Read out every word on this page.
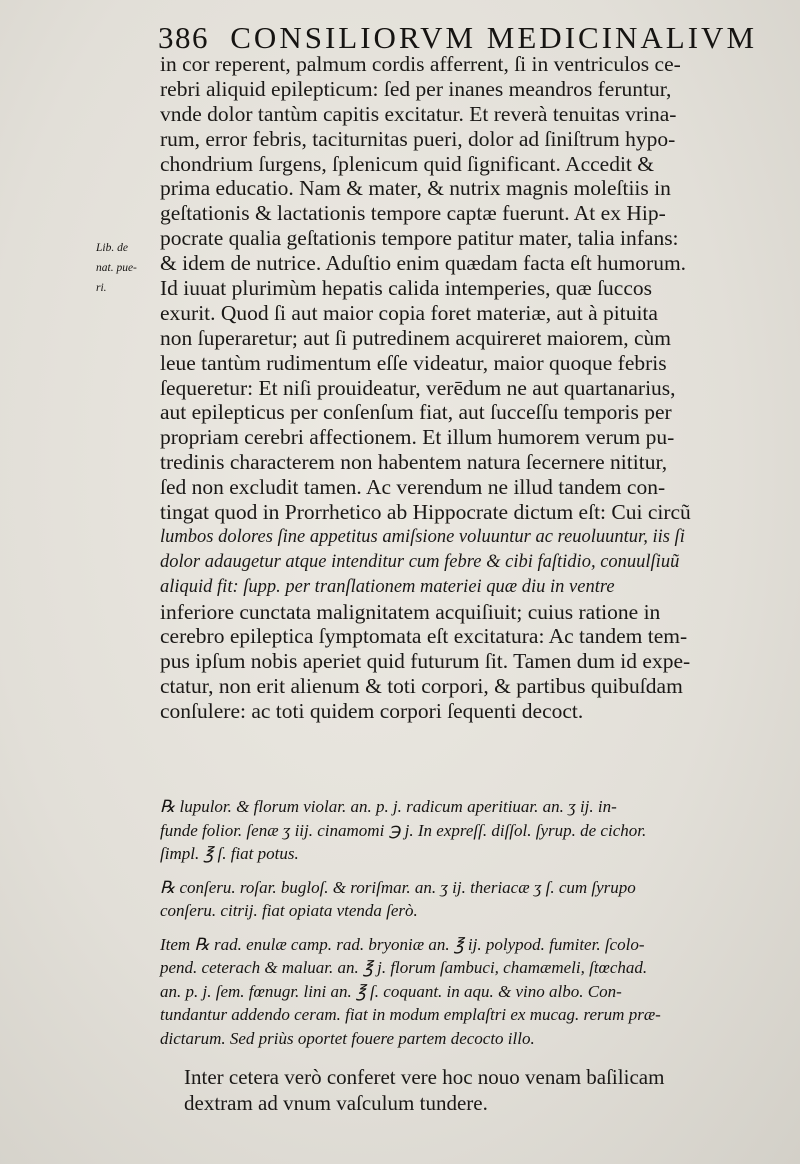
386 CONSILIORVM MEDICINALIVM
Lib. de
nat. pue-
ri.
in cor reperent, palmum cordis afferrent, ſi in ventriculos ce-
rebri aliquid epilepticum: ſed per inanes meandros feruntur,
vnde dolor tantùm capitis excitatur. Et reverà tenuitas vrina-
rum, error febris, taciturnitas pueri, dolor ad ſiniſtrum hypo-
chondrium ſurgens, ſplenicum quid ſignificant. Accedit &
prima educatio. Nam & mater, & nutrix magnis moleſtiis in
geſtationis & lactationis tempore captæ fuerunt. At ex Hip-
pocrate qualia geſtationis tempore patitur mater, talia infans:
& idem de nutrice. Aduſtio enim quædam facta eſt humorum.
Id iuuat plurimùm hepatis calida intemperies, quæ ſuccos
exurit. Quod ſi aut maior copia foret materiæ, aut à pituita
non ſuperaretur; aut ſi putredinem acquireret maiorem, cùm
leue tantùm rudimentum eſſe videatur, maior quoque febris
ſequeretur: Et niſi prouideatur, verēdum ne aut quartanarius,
aut epilepticus per conſenſum fiat, aut ſucceſſu temporis per
propriam cerebri affectionem. Et illum humorem verum pu-
tredinis characterem non habentem natura ſecernere nititur,
ſed non excludit tamen. Ac verendum ne illud tandem con-
tingat quod in Prorrhetico ab Hippocrate dictum eſt: Cui circũ
lumbos dolores ſine appetitus amiſsione voluuntur ac reuoluuntur, iis ſi
dolor adaugetur atque intenditur cum febre & cibi faſtidio, conuulſiuũ
aliquid fit: ſupp. per tranſlationem materiei quæ diu in ventre
inferiore cunctata malignitatem acquiſiuit; cuius ratione in
cerebro epileptica ſymptomata eſt excitatura: Ac tandem tem-
pus ipſum nobis aperiet quid futurum ſit. Tamen dum id expe-
ctatur, non erit alienum & toti corpori, & partibus quibuſdam
conſulere: ac toti quidem corpori ſequenti decoct.
℞ lupulor. & florum violar. an. p. j. radicum aperitiuar. an. ʒ ij. in-
funde folior. ſenæ ʒ iij. cinamomi ℈ j. In expreſſ. diſſol. ſyrup. de cichor.
ſimpl. ℥ ſ. fiat potus.
℞ conſeru. roſar. bugloſ. & roriſmar. an. ʒ ij. theriacæ ʒ ſ. cum ſyrupo
conſeru. citrij. fiat opiata vtenda ſerò.
Item ℞ rad. enulæ camp. rad. bryoniæ an. ℥ ij. polypod. fumiter. ſcolo-
pend. ceterach & maluar. an. ℥ j. florum ſambuci, chamæmeli, ſtœchad.
an. p. j. ſem. fœnugr. lini an. ℥ ſ. coquant. in aqu. & vino albo. Con-
tundantur addendo ceram. fiat in modum emplaſtri ex mucag. rerum præ-
dictarum. Sed priùs oportet fouere partem decocto illo.
Inter cetera verò conferet vere hoc nouo venam baſilicam
dextram ad vnum vaſculum tundere.
